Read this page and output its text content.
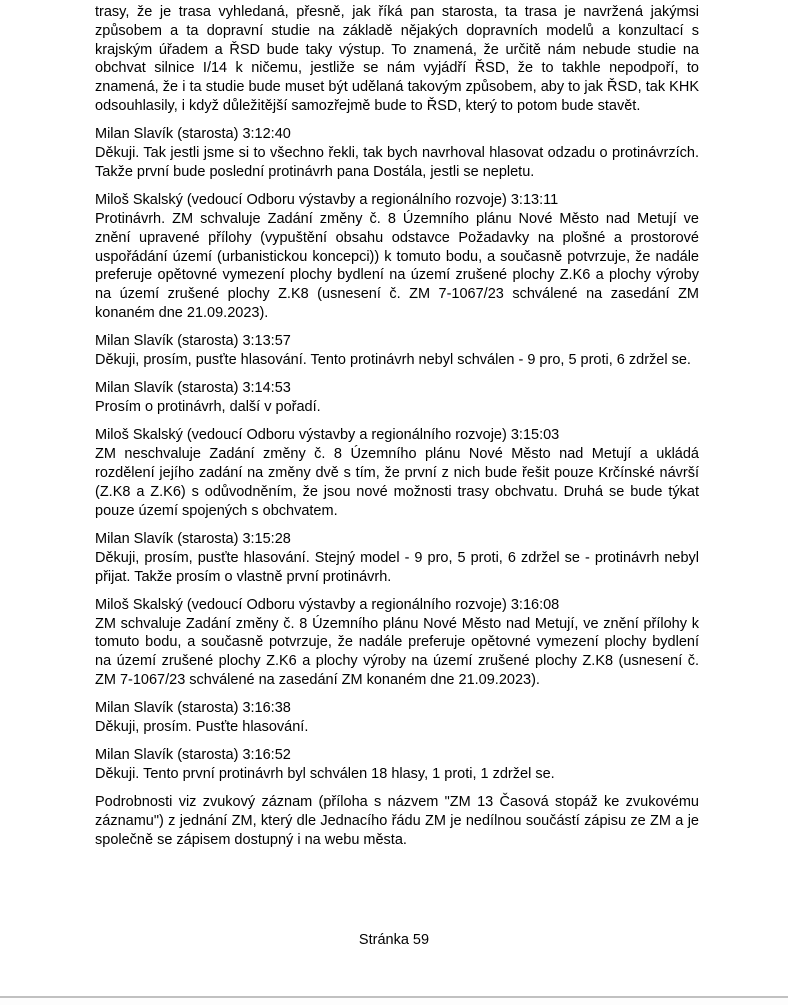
trasy, že je trasa vyhledaná, přesně, jak říká pan starosta, ta trasa je navržená jakýmsi způsobem a ta dopravní studie na základě nějakých dopravních modelů a konzultací s krajským úřadem a ŘSD bude taky výstup. To znamená, že určitě nám nebude studie na obchvat silnice I/14 k ničemu, jestliže se nám vyjádří ŘSD, že to takhle nepodpoří, to znamená, že i ta studie bude muset být udělaná takovým způsobem, aby to jak ŘSD, tak KHK odsouhlasily, i když důležitější samozřejmě bude to ŘSD, který to potom bude stavět.
Milan Slavík (starosta) 3:12:40
Děkuji. Tak jestli jsme si to všechno řekli, tak bych navrhoval hlasovat odzadu o protinávrzích. Takže první bude poslední protinávrh pana Dostála, jestli se nepletu.
Miloš Skalský (vedoucí Odboru výstavby a regionálního rozvoje) 3:13:11
Protinávrh. ZM schvaluje Zadání změny č. 8 Územního plánu Nové Město nad Metují ve znění upravené přílohy (vypuštění obsahu odstavce Požadavky na plošné a prostorové uspořádání území (urbanistickou koncepci)) k tomuto bodu, a současně potvrzuje, že nadále preferuje opětovné vymezení plochy bydlení na území zrušené plochy Z.K6 a plochy výroby na území zrušené plochy Z.K8 (usnesení č. ZM 7-1067/23 schválené na zasedání ZM konaném dne 21.09.2023).
Milan Slavík (starosta) 3:13:57
Děkuji, prosím, pusťte hlasování. Tento protinávrh nebyl schválen - 9 pro, 5 proti, 6 zdržel se.
Milan Slavík (starosta) 3:14:53
Prosím o protinávrh, další v pořadí.
Miloš Skalský (vedoucí Odboru výstavby a regionálního rozvoje) 3:15:03
ZM neschvaluje Zadání změny č. 8 Územního plánu Nové Město nad Metují a ukládá rozdělení jejího zadání na změny dvě s tím, že první z nich bude řešit pouze Krčínské návrší (Z.K8 a Z.K6) s odůvodněním, že jsou nové možnosti trasy obchvatu. Druhá se bude týkat pouze území spojených s obchvatem.
Milan Slavík (starosta) 3:15:28
Děkuji, prosím, pusťte hlasování. Stejný model - 9 pro, 5 proti, 6 zdržel se - protinávrh nebyl přijat. Takže prosím o vlastně první protinávrh.
Miloš Skalský (vedoucí Odboru výstavby a regionálního rozvoje) 3:16:08
ZM schvaluje Zadání změny č. 8 Územního plánu Nové Město nad Metují, ve znění přílohy k tomuto bodu, a současně potvrzuje, že nadále preferuje opětovné vymezení plochy bydlení na území zrušené plochy Z.K6 a plochy výroby na území zrušené plochy Z.K8 (usnesení č. ZM 7-1067/23 schválené na zasedání ZM konaném dne 21.09.2023).
Milan Slavík (starosta) 3:16:38
Děkuji, prosím. Pusťte hlasování.
Milan Slavík (starosta) 3:16:52
Děkuji. Tento první protinávrh byl schválen 18 hlasy, 1 proti, 1 zdržel se.
Podrobnosti viz zvukový záznam (příloha s názvem "ZM 13 Časová stopáž ke zvukovému záznamu") z jednání ZM, který dle Jednacího řádu ZM je nedílnou součástí zápisu ze ZM a je společně se zápisem dostupný i na webu města.
Stránka 59
